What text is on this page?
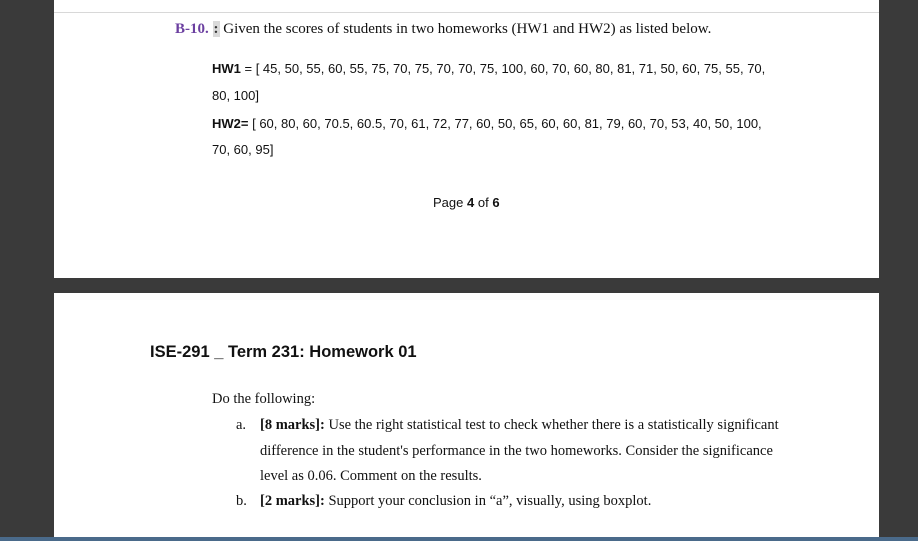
B-10. : Given the scores of students in two homeworks (HW1 and HW2) as listed below.
HW1 = [ 45, 50, 55, 60, 55, 75, 70, 75, 70, 70, 75, 100, 60, 70, 60, 80, 81, 71, 50, 60, 75, 55, 70,
80, 100]
HW2= [ 60, 80, 60, 70.5, 60.5, 70, 61, 72, 77, 60, 50, 65, 60, 60, 81, 79, 60, 70, 53, 40, 50, 100,
70, 60, 95]
Page 4 of 6
ISE-291 _ Term 231: Homework 01
Do the following:
a. [8 marks]: Use the right statistical test to check whether there is a statistically significant
difference in the student's performance in the two homeworks. Consider the significance
level as 0.06. Comment on the results.
b. [2 marks]: Support your conclusion in “a”, visually, using boxplot.
